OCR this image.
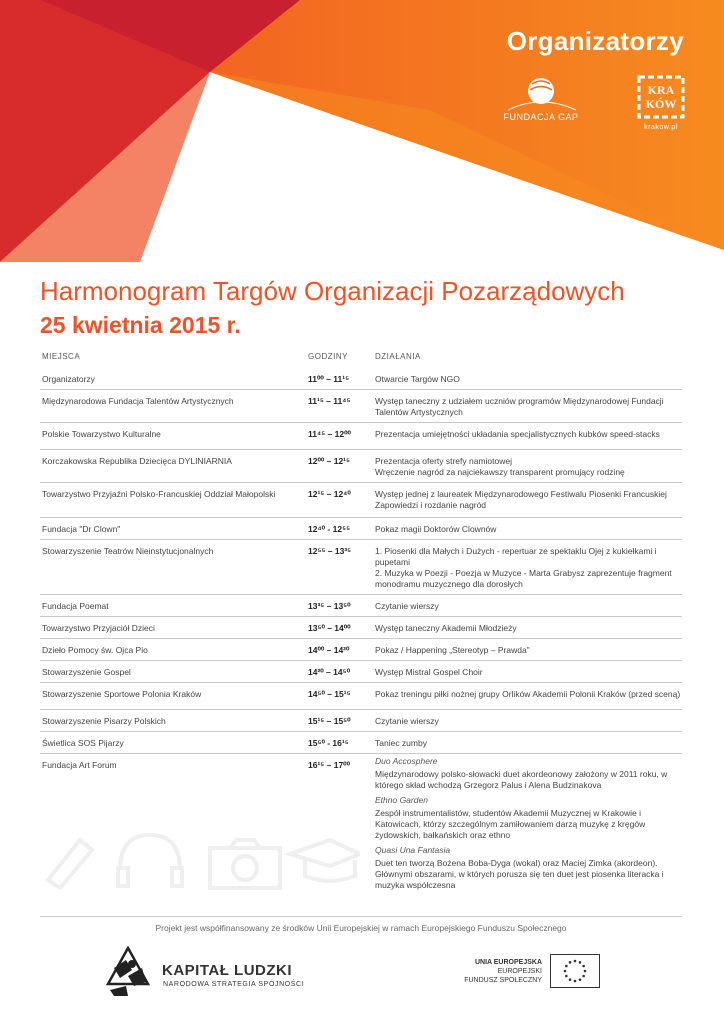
Organizatorzy
FUNDACJA GAP
KRA
KÓW
krakow.pl
Harmonogram Targów Organizacji Pozarządowych
25 kwietnia 2015 r.
MIEJSCA	GODZINY	DZIAŁANIA
Organizatorzy	11⁰⁰ – 11¹⁵	Otwarcie Targów NGO

Międzynarodowa Fundacja Talentów Artystycznych	11¹⁵ – 11⁴⁵	Występ taneczny z udziałem uczniów programów Międzynarodowej Fundacji Talentów Artystycznych

Polskie Towarzystwo Kulturalne	11⁴⁵ – 12⁰⁰	Prezentacja umiejętności układania specjalistycznych kubków speed-stacks

Korczakowska Republika Dziecięca DYLINIARNIA	12⁰⁰ – 12¹⁵	Prezentacja oferty strefy namiotowej

Wręczenie nagród za najciekawszy transparent promujący rodzinę

Towarzystwo Przyjaźni Polsko-Francuskiej Oddział Małopolski	12¹⁵ – 12⁴⁰	Występ jednej z laureatek Międzynarodowego Festiwalu Piosenki Francuskiej Zapowiedzi i rozdanie nagród

Fundacja "Dr Clown"	12⁴⁰ - 12⁵⁵	Pokaz magii Doktorów Clownów

Stowarzyszenie Teatrów Nieinstytucjonalnych	12⁵⁵ – 13³⁵	1. Piosenki dla Małych i Dużych - repertuar ze spektaklu Ojej z kukiełkami i pupetami

2. Muzyka w Poezji - Poezja w Muzyce - Marta Grabysz zaprezentuje fragment monodramu muzycznego dla dorosłych

Fundacja Poemat	13³⁵ – 13⁵⁰	Czytanie wierszy

Towarzystwo Przyjaciół Dzieci	13⁵⁰ – 14⁰⁰	Występ taneczny Akademii Młodzieży

Dzieło Pomocy św. Ojca Pio	14⁰⁰ – 14²⁰	Pokaz / Happening „Stereotyp – Prawda"

Stowarzyszenie Gospel	14²⁰ – 14⁵⁰	Występ Mistral Gospel Choir

Stowarzyszenie Sportowe Polonia Kraków	14⁵⁰ – 15¹⁵	Pokaz treningu piłki nożnej grupy Orlików Akademii Polonii Kraków (przed sceną)

Stowarzyszenie Pisarzy Polskich	15¹⁵ – 15⁵⁰	Czytanie wierszy

Świetlica SOS Pijarzy	15⁵⁰ - 16¹⁵	Taniec zumby

Fundacja Art Forum	16¹⁵ – 17⁰⁰	Duo Accosphere

Międzynarodowy polsko-słowacki duet akordeonowy założony w 2011 roku, w którego skład wchodzą Grzegorz Palus i Alena Budzinakova

Ethno Garden

Zespół instrumentalistów, studentów Akademii Muzycznej w Krakowie i Katowicach, którzy szczególnym zamiłowaniem darzą muzykę z kręgów żydowskich, bałkańskich oraz ethno

Quasi Una Fantasia

Duet ten tworzą Bożena Boba-Dyga (wokal) oraz Maciej Zimka (akordeon). Głównymi obszarami, w których porusza się ten duet jest piosenka literacka i muzyka współczesna

Projekt jest współfinansowany ze środków Unii Europejskiej w ramach Europejskiego Funduszu Społecznego
KAPITAŁ LUDZKI
NARODOWA STRATEGIA SPÓJNOŚCI
UNIA EUROPEJSKA
EUROPEJSKI
FUNDUSZ SPOŁECZNY
